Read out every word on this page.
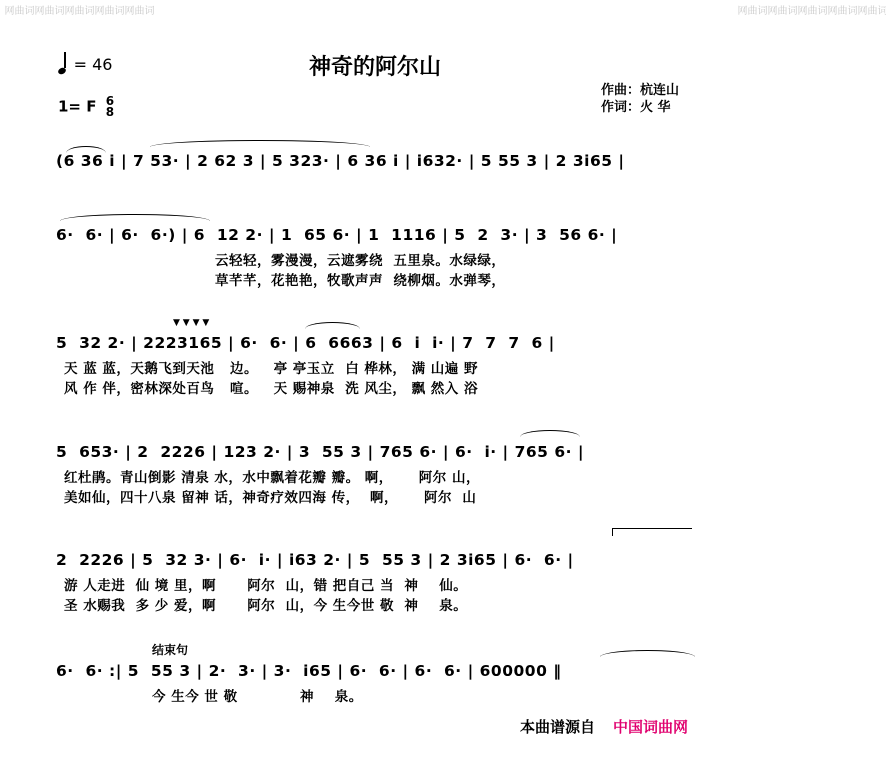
词
曲
网
词
曲
网
词
曲
网
词
曲
网
词
曲
网	词
曲
网
词
曲
网
词
曲
网
词
曲
网
词
曲
网
= 46	神奇的阿尔山
1= F 6
8
作曲：杭连山
作词：火 华
▼ ▼ ▼ ▼
(6 36 i | 7 53· | 2 62 3 | 5 323· | 6 36 i | i632· | 5 55 3 | 2 3i65 |
6·  6· | 6·  6·) | 6  12 2· | 1  65 6· | 1  1116 | 5  2  3· | 3  56 6· |
云轻轻，雾漫漫，云遮雾绕  五里泉。水绿绿，
草芊芊，花艳艳，牧歌声声  绕柳烟。水弹琴，
5  32 2· | 2223165 | 6·  6· | 6  6663 | 6  i  i· | 7  7  7  6 |
天 蓝 蓝，天鹅飞到天池   边。   亭 亭玉立  白 桦林， 满 山遍 野
风 作 伴，密林深处百鸟   喧。   天 赐神泉  洗 风尘， 飘 然入 浴
5  653· | 2  2226 | 123 2· | 3  55 3 | 765 6· | 6·  i· | 765 6· |
红杜鹃。青山倒影 清泉 水，水中飘着花瓣 瓣。 啊，     阿尔 山，
美如仙，四十八泉 留神 话，神奇疗效四海 传，  啊，     阿尔  山
2  2226 | 5  32 3· | 6·  i· | i63 2· | 5  55 3 | 2 3i65 | 6·  6· |
游 人走进  仙 境 里，啊      阿尔  山，错 把自己 当  神    仙。
圣 水赐我  多 少 爱，啊      阿尔  山，今 生今世 敬  神    泉。
结束句
6·  6· :| 5  55 3 | 2·  3· | 3·  i65 | 6·  6· | 6·  6· | 600000 ‖
今 生今 世 敬            神    泉。
本曲谱源自 中国词曲网
